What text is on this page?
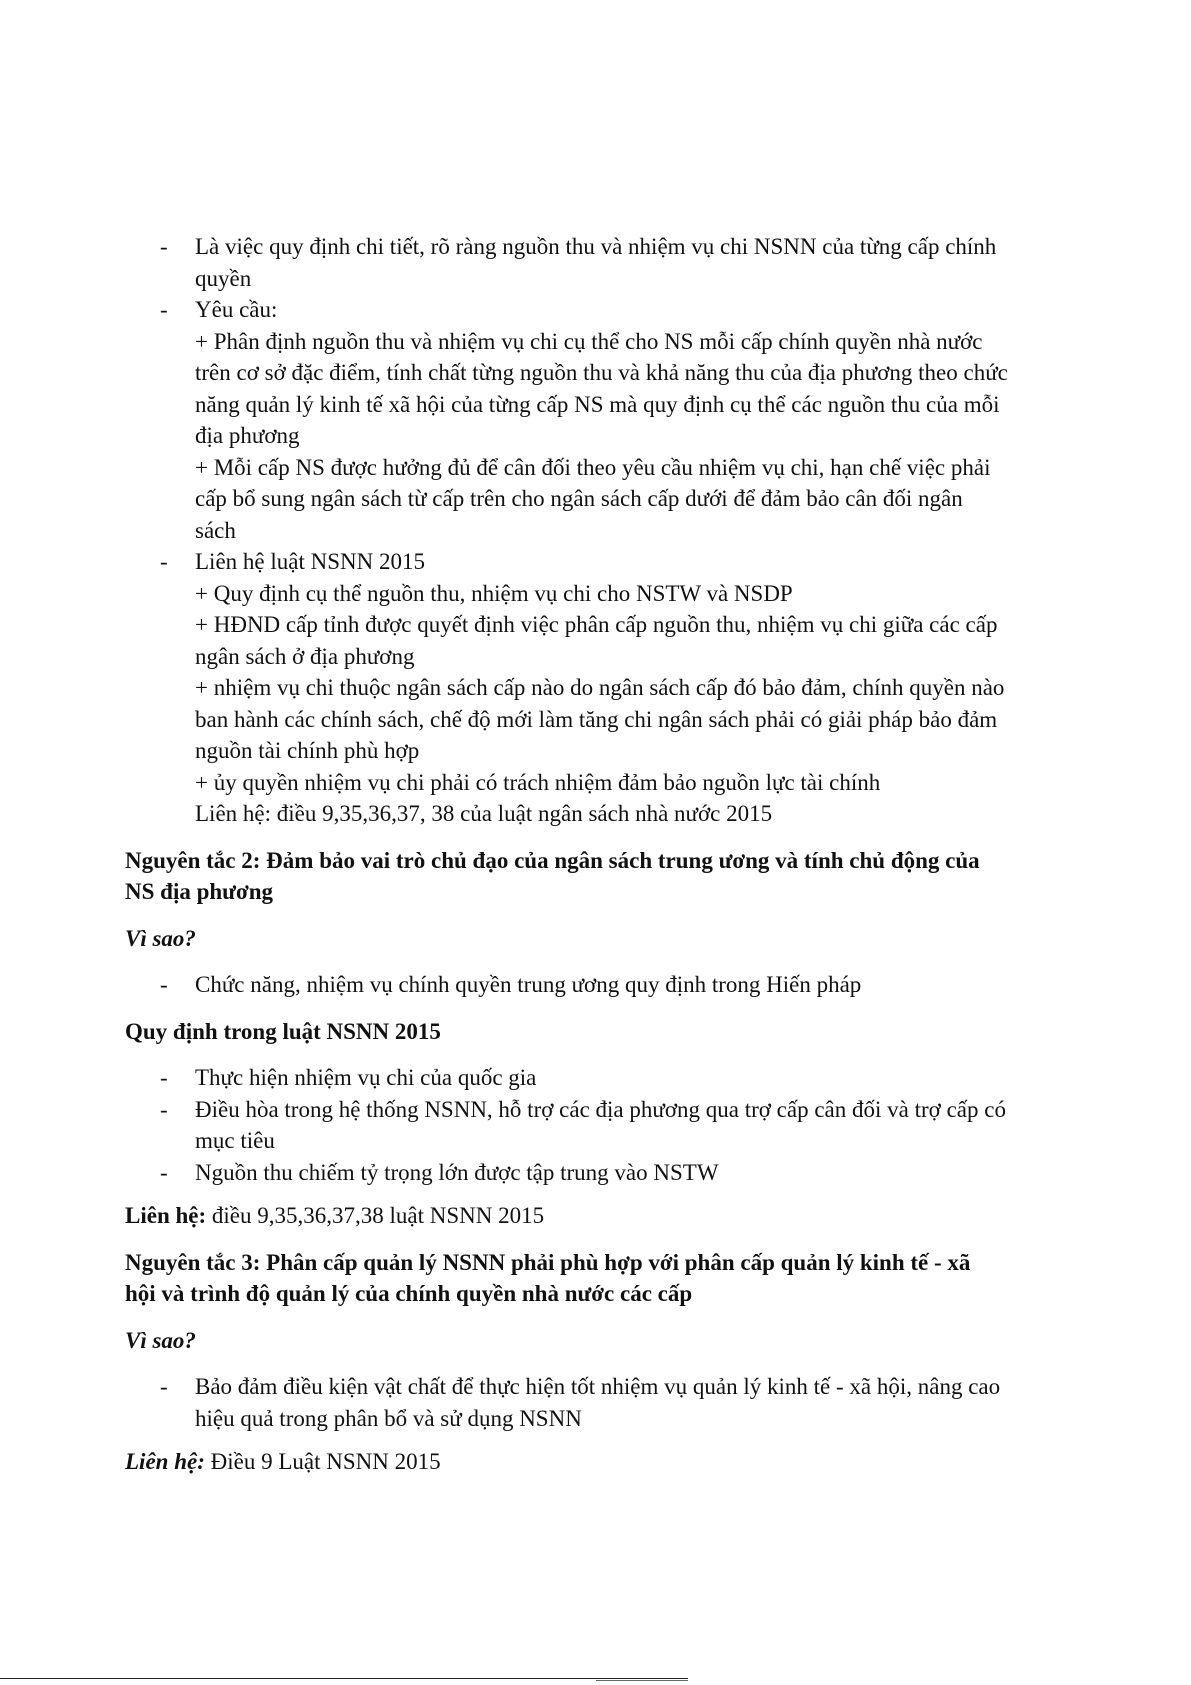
- Là việc quy định chi tiết, rõ ràng nguồn thu và nhiệm vụ chi NSNN của từng cấp chính
quyền
- Yêu cầu:
+ Phân định nguồn thu và nhiệm vụ chi cụ thể cho NS mỗi cấp chính quyền nhà nước
trên cơ sở đặc điểm, tính chất từng nguồn thu và khả năng thu của địa phương theo chức
năng quản lý kinh tế xã hội của từng cấp NS mà quy định cụ thể các nguồn thu của mỗi
địa phương
+ Mỗi cấp NS được hưởng đủ để cân đối theo yêu cầu nhiệm vụ chi, hạn chế việc phải
cấp bổ sung ngân sách từ cấp trên cho ngân sách cấp dưới để đảm bảo cân đối ngân
sách
- Liên hệ luật NSNN 2015
+ Quy định cụ thể nguồn thu, nhiệm vụ chi cho NSTW và NSDP
+ HĐND cấp tỉnh được quyết định việc phân cấp nguồn thu, nhiệm vụ chi giữa các cấp
ngân sách ở địa phương
+ nhiệm vụ chi thuộc ngân sách cấp nào do ngân sách cấp đó bảo đảm, chính quyền nào
ban hành các chính sách, chế độ mới làm tăng chi ngân sách phải có giải pháp bảo đảm
nguồn tài chính phù hợp
+ ủy quyền nhiệm vụ chi phải có trách nhiệm đảm bảo nguồn lực tài chính
Liên hệ: điều 9,35,36,37, 38 của luật ngân sách nhà nước 2015
Nguyên tắc 2: Đảm bảo vai trò chủ đạo của ngân sách trung ương và tính chủ động của
NS địa phương
Vì sao?
- Chức năng, nhiệm vụ chính quyền trung ương quy định trong Hiến pháp
Quy định trong luật NSNN 2015
- Thực hiện nhiệm vụ chi của quốc gia
- Điều hòa trong hệ thống NSNN, hỗ trợ các địa phương qua trợ cấp cân đối và trợ cấp có
mục tiêu
- Nguồn thu chiếm tỷ trọng lớn được tập trung vào NSTW
Liên hệ: điều 9,35,36,37,38 luật NSNN 2015
Nguyên tắc 3: Phân cấp quản lý NSNN phải phù hợp với phân cấp quản lý kinh tế - xã
hội và trình độ quản lý của chính quyền nhà nước các cấp
Vì sao?
- Bảo đảm điều kiện vật chất để thực hiện tốt nhiệm vụ quản lý kinh tế - xã hội, nâng cao
hiệu quả trong phân bổ và sử dụng NSNN
Liên hệ: Điều 9 Luật NSNN 2015
